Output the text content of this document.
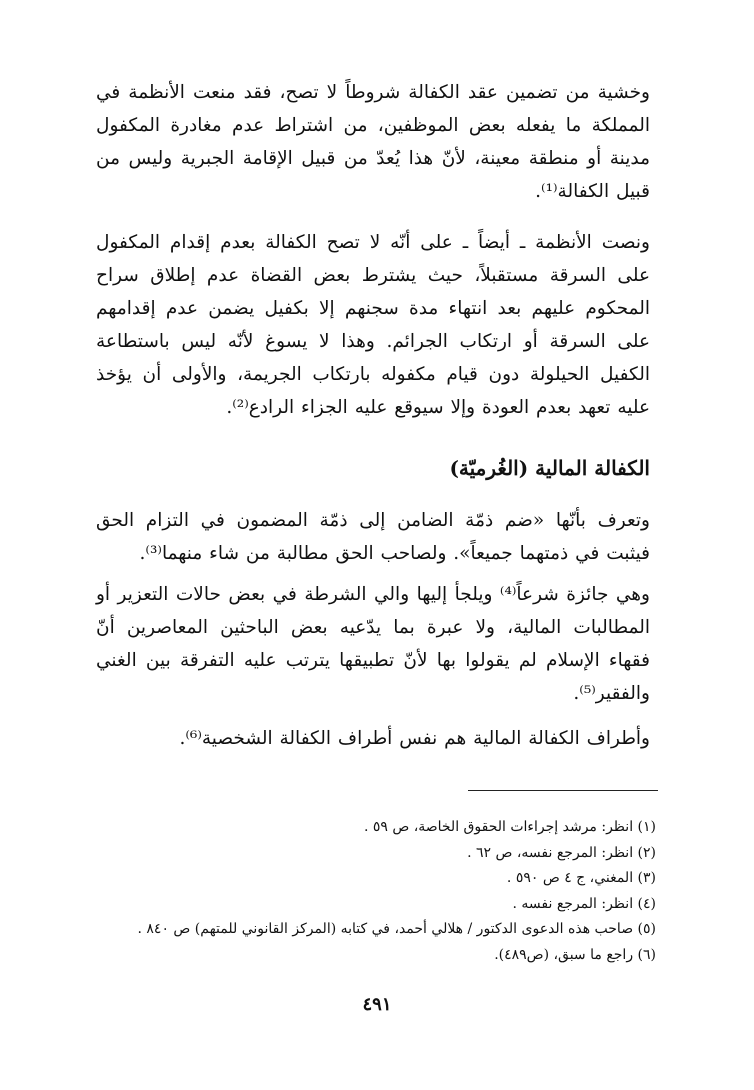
وخشية من تضمين عقد الكفالة شروطاً لا تصح، فقد منعت الأنظمة في المملكة ما يفعله بعض الموظفين، من اشتراط عدم مغادرة المكفول مدينة أو منطقة معينة، لأنّ هذا يُعدّ من قبيل الإقامة الجبرية وليس من قبيل الكفالة⁽¹⁾.

ونصت الأنظمة ـ أيضاً ـ على أنّه لا تصح الكفالة بعدم إقدام المكفول على السرقة مستقبلاً، حيث يشترط بعض القضاة عدم إطلاق سراح المحكوم عليهم بعد انتهاء مدة سجنهم إلا بكفيل يضمن عدم إقدامهم على السرقة أو ارتكاب الجرائم. وهذا لا يسوغ لأنّه ليس باستطاعة الكفيل الحيلولة دون قيام مكفوله بارتكاب الجريمة، والأولى أن يؤخذ عليه تعهد بعدم العودة وإلا سيوقع عليه الجزاء الرادع⁽²⁾.

الكفالة المالية (الغُرميّة)

وتعرف بأنّها «ضم ذمّة الضامن إلى ذمّة المضمون في التزام الحق فيثبت في ذمتهما جميعاً». ولصاحب الحق مطالبة من شاء منهما⁽³⁾.

وهي جائزة شرعاً⁽⁴⁾ ويلجأ إليها والي الشرطة في بعض حالات التعزير أو المطالبات المالية، ولا عبرة بما يدّعيه بعض الباحثين المعاصرين أنّ فقهاء الإسلام لم يقولوا بها لأنّ تطبيقها يترتب عليه التفرقة بين الغني والفقير⁽⁵⁾.

وأطراف الكفالة المالية هم نفس أطراف الكفالة الشخصية⁽⁶⁾.

(١) انظر: مرشد إجراءات الحقوق الخاصة، ص ٥٩ .
(٢) انظر: المرجع نفسه، ص ٦٢ .
(٣) المغني، ج ٤ ص ٥٩٠ .
(٤) انظر: المرجع نفسه .
(٥) صاحب هذه الدعوى الدكتور / هلالي أحمد، في كتابه (المركز القانوني للمتهم) ص ٨٤٠ .
(٦) راجع ما سبق، (ص٤٨٩).
٤٩١
